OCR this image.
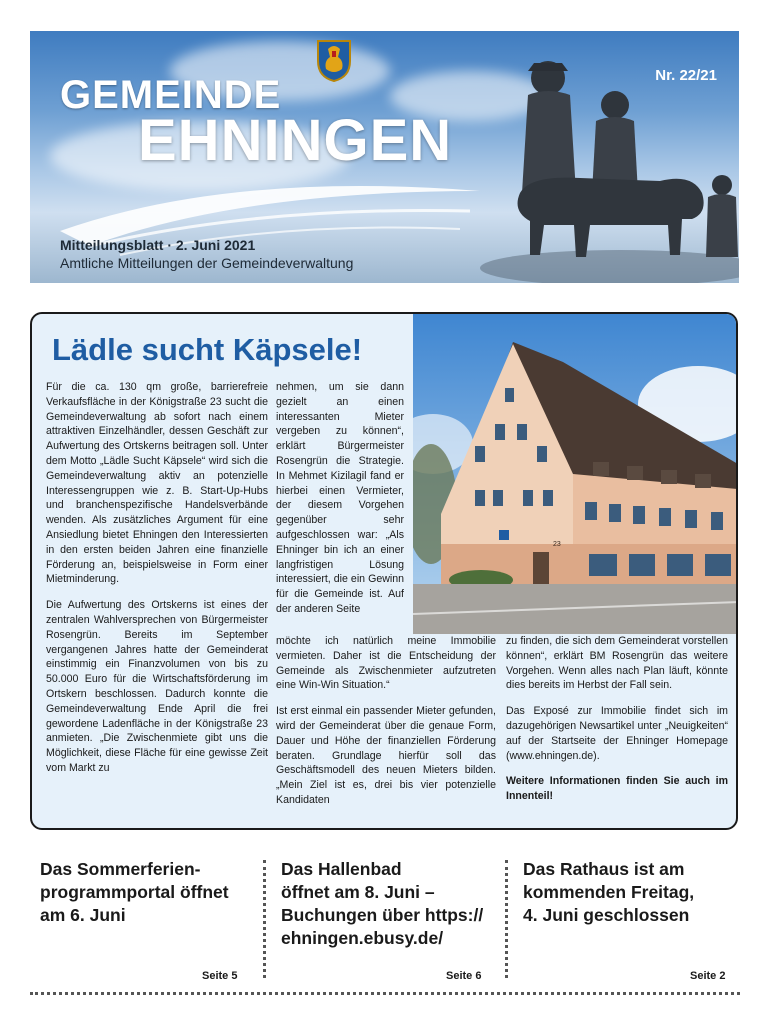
GEMEINDE
EHNINGEN
Nr. 22/21
Mitteilungsblatt · 2. Juni 2021
Amtliche Mitteilungen der Gemeindeverwaltung
Lädle sucht Käpsele!
23

Für die ca. 130 qm große, barrierefreie Verkaufsfläche in der Königstraße 23 sucht die Gemeindeverwaltung ab sofort nach einem attraktiven Einzelhändler, dessen Geschäft zur Aufwertung des Ortskerns beitragen soll. Unter dem Motto „Lädle Sucht Käpsele“ wird sich die Gemeindeverwaltung aktiv an potenzielle Interessengruppen wie z. B. Start-Up-Hubs und branchenspezifische Handelsverbände wenden. Als zusätzliches Argument für eine Ansiedlung bietet Ehningen den Interessierten in den ersten beiden Jahren eine finanzielle Förderung an, beispielsweise in Form einer Mietminderung.

Die Aufwertung des Ortskerns ist eines der zentralen Wahlversprechen von Bürgermeister Rosengrün. Bereits im September vergangenen Jahres hatte der Gemeinderat einstimmig ein Finanzvolumen von bis zu 50.000 Euro für die Wirtschaftsförderung im Ortskern beschlossen. Dadurch konnte die Gemeindeverwaltung Ende April die frei gewordene Ladenfläche in der Königstraße 23 anmieten. „Die Zwischenmiete gibt uns die Möglichkeit, diese Fläche für eine gewisse Zeit vom Markt zu

nehmen, um sie dann gezielt an einen interessanten Mieter vergeben zu können“, erklärt Bürgermeister Rosengrün die Strategie. In Mehmet Kizilagil fand er hierbei einen Vermieter, der diesem Vorgehen gegenüber sehr aufgeschlossen war: „Als Ehninger bin ich an einer langfristigen Lösung interessiert, die ein Gewinn für die Gemeinde ist. Auf der anderen Seite

möchte ich natürlich meine Immobilie vermieten. Daher ist die Entscheidung der Gemeinde als Zwischenmieter aufzutreten eine Win-Win Situation.“

Ist erst einmal ein passender Mieter gefunden, wird der Gemeinderat über die genaue Form, Dauer und Höhe der finanziellen Förderung beraten. Grundlage hierfür soll das Geschäftsmodell des neuen Mieters bilden. „Mein Ziel ist es, drei bis vier potenzielle Kandidaten

zu finden, die sich dem Gemeinderat vorstellen können“, erklärt BM Rosengrün das weitere Vorgehen. Wenn alles nach Plan läuft, könnte dies bereits im Herbst der Fall sein.

Das Exposé zur Immobilie findet sich im dazugehörigen Newsartikel unter „Neuigkeiten“ auf der Startseite der Ehninger Homepage (www.ehningen.de).

Weitere Informationen finden Sie auch im Innenteil!

Das Sommerferien-
programmportal öffnet
am 6. Juni
Seite 5
Das Hallenbad
öffnet am 8. Juni –
Buchungen über https://
ehningen.ebusy.de/
Seite 6
Das Rathaus ist am
kommenden Freitag,
4. Juni geschlossen
Seite 2
